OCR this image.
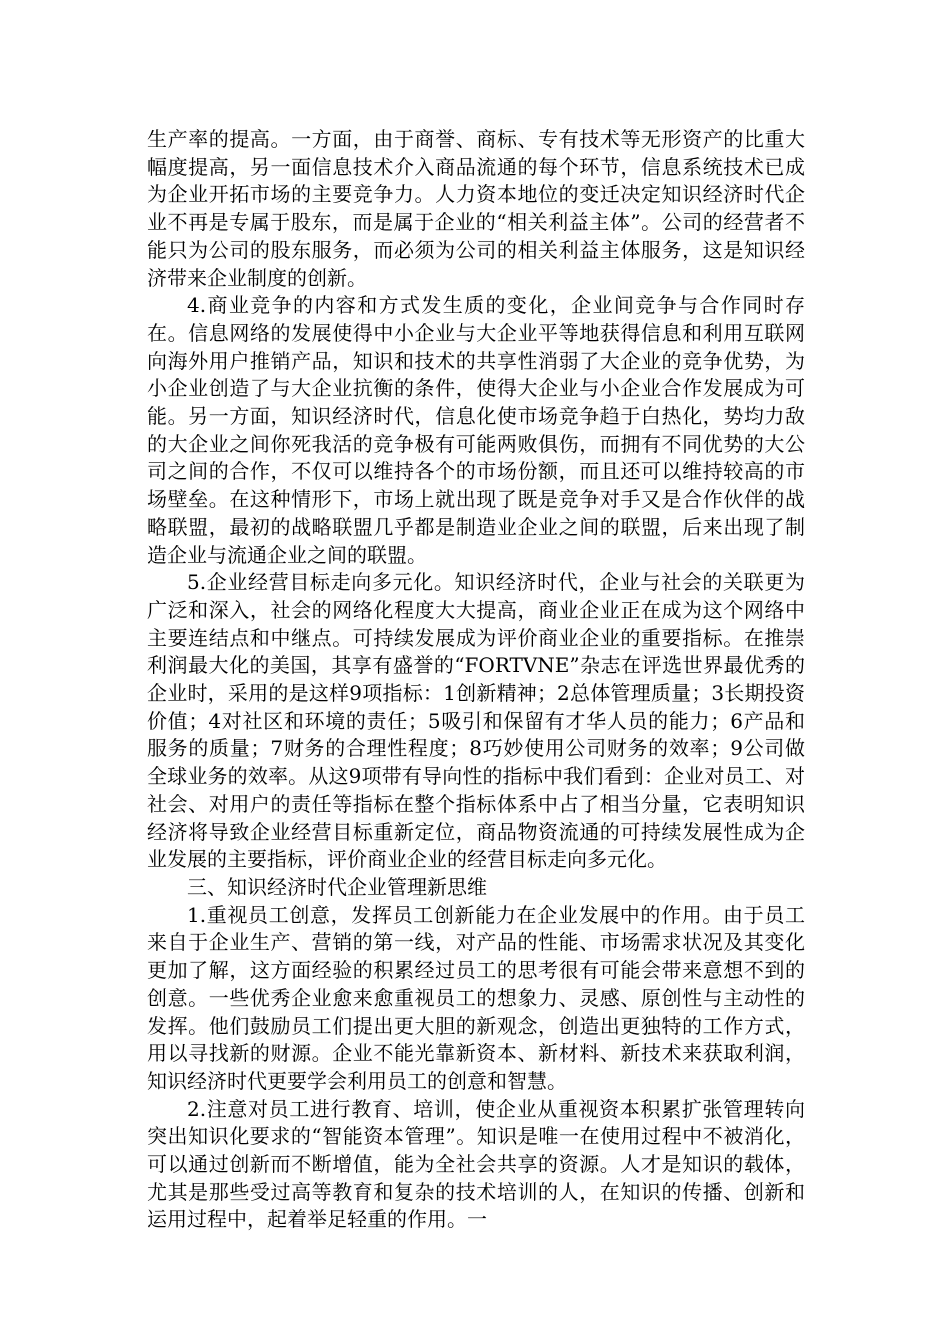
生产率的提高。一方面，由于商誉、商标、专有技术等无形资产的比重大幅度提高，另一面信息技术介入商品流通的每个环节，信息系统技术已成为企业开拓市场的主要竞争力。人力资本地位的变迁决定知识经济时代企业不再是专属于股东，而是属于企业的“相关利益主体”。公司的经营者不能只为公司的股东服务，而必须为公司的相关利益主体服务，这是知识经济带来企业制度的创新。

4.商业竞争的内容和方式发生质的变化，企业间竞争与合作同时存在。信息网络的发展使得中小企业与大企业平等地获得信息和利用互联网向海外用户推销产品，知识和技术的共享性消弱了大企业的竞争优势，为小企业创造了与大企业抗衡的条件，使得大企业与小企业合作发展成为可能。另一方面，知识经济时代，信息化使市场竞争趋于白热化，势均力敌的大企业之间你死我活的竞争极有可能两败俱伤，而拥有不同优势的大公司之间的合作，不仅可以维持各个的市场份额，而且还可以维持较高的市场壁垒。在这种情形下，市场上就出现了既是竞争对手又是合作伙伴的战略联盟，最初的战略联盟几乎都是制造业企业之间的联盟，后来出现了制造企业与流通企业之间的联盟。

5.企业经营目标走向多元化。知识经济时代，企业与社会的关联更为广泛和深入，社会的网络化程度大大提高，商业企业正在成为这个网络中主要连结点和中继点。可持续发展成为评价商业企业的重要指标。在推崇利润最大化的美国，其享有盛誉的“FORTVNE”杂志在评选世界最优秀的企业时，采用的是这样9项指标：1创新精神；2总体管理质量；3长期投资价值；4对社区和环境的责任；5吸引和保留有才华人员的能力；6产品和服务的质量；7财务的合理性程度；8巧妙使用公司财务的效率；9公司做全球业务的效率。从这9项带有导向性的指标中我们看到：企业对员工、对社会、对用户的责任等指标在整个指标体系中占了相当分量，它表明知识经济将导致企业经营目标重新定位，商品物资流通的可持续发展性成为企业发展的主要指标，评价商业企业的经营目标走向多元化。

三、知识经济时代企业管理新思维

1.重视员工创意，发挥员工创新能力在企业发展中的作用。由于员工来自于企业生产、营销的第一线，对产品的性能、市场需求状况及其变化更加了解，这方面经验的积累经过员工的思考很有可能会带来意想不到的创意。一些优秀企业愈来愈重视员工的想象力、灵感、原创性与主动性的发挥。他们鼓励员工们提出更大胆的新观念，创造出更独特的工作方式，用以寻找新的财源。企业不能光靠新资本、新材料、新技术来获取利润，知识经济时代更要学会利用员工的创意和智慧。

2.注意对员工进行教育、培训，使企业从重视资本积累扩张管理转向突出知识化要求的“智能资本管理”。知识是唯一在使用过程中不被消化，可以通过创新而不断增值，能为全社会共享的资源。人才是知识的载体，尤其是那些受过高等教育和复杂的技术培训的人，在知识的传播、创新和运用过程中，起着举足轻重的作用。一
